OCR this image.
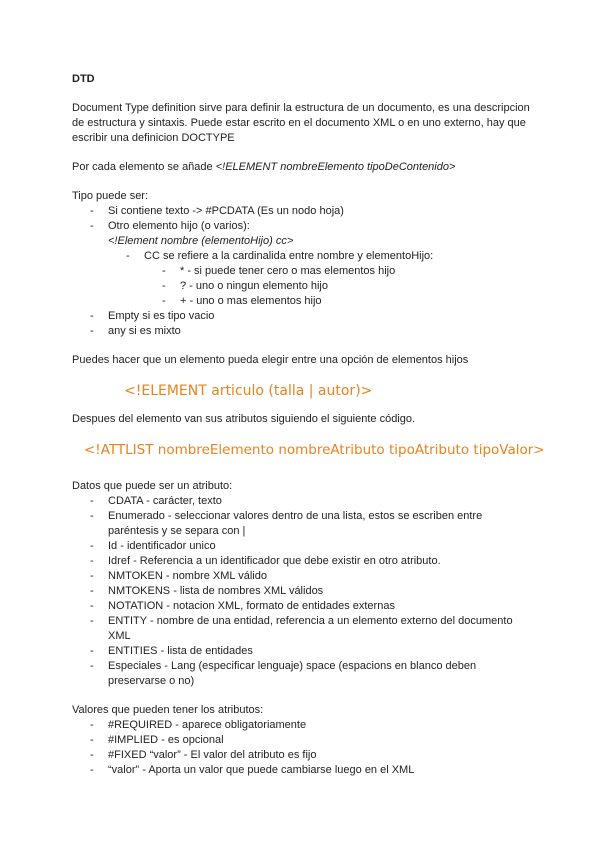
DTD

Document Type definition sirve para definir la estructura de un documento, es una descripcion de estructura y sintaxis. Puede estar escrito en el documento XML o en uno externo, hay que escribir una definicion DOCTYPE

Por cada elemento se añade <!ELEMENT nombreElemento tipoDeContenido>

Tipo puede ser:
- Si contiene texto -> #PCDATA (Es un nodo hoja)
- Otro elemento hijo (o varios):
<!Element nombre (elementoHijo) cc>
- CC se refiere a la cardinalida entre nombre y elementoHijo:
- * - si puede tener cero o mas elementos hijo
- ? - uno o ningun elemento hijo
- + - uno o mas elementos hijo
- Empty si es tipo vacio
- any si es mixto

Puedes hacer que un elemento pueda elegir entre una opción de elementos hijos

<!ELEMENT articulo (talla | autor)>

Despues del elemento van sus atributos siguiendo el siguiente código.

<!ATTLIST nombreElemento nombreAtributo tipoAtributo tipoValor>
Datos que puede ser un atributo:
- CDATA - carácter, texto
- Enumerado - seleccionar valores dentro de una lista, estos se escriben entre paréntesis y se separa con |
- Id - identificador unico
- Idref - Referencia a un identificador que debe existir en otro atributo.
- NMTOKEN - nombre XML válido
- NMTOKENS - lista de nombres XML válidos
- NOTATION - notacion XML, formato de entidades externas
- ENTITY - nombre de una entidad, referencia a un elemento externo del documento XML
- ENTITIES - lista de entidades
- Especiales - Lang (especificar lenguaje) space (espacions en blanco deben preservarse o no)
Valores que pueden tener los atributos:
- #REQUIRED - aparece obligatoriamente
- #IMPLIED - es opcional
- #FIXED “valor” - El valor del atributo es fijo
- “valor” - Aporta un valor que puede cambiarse luego en el XML
